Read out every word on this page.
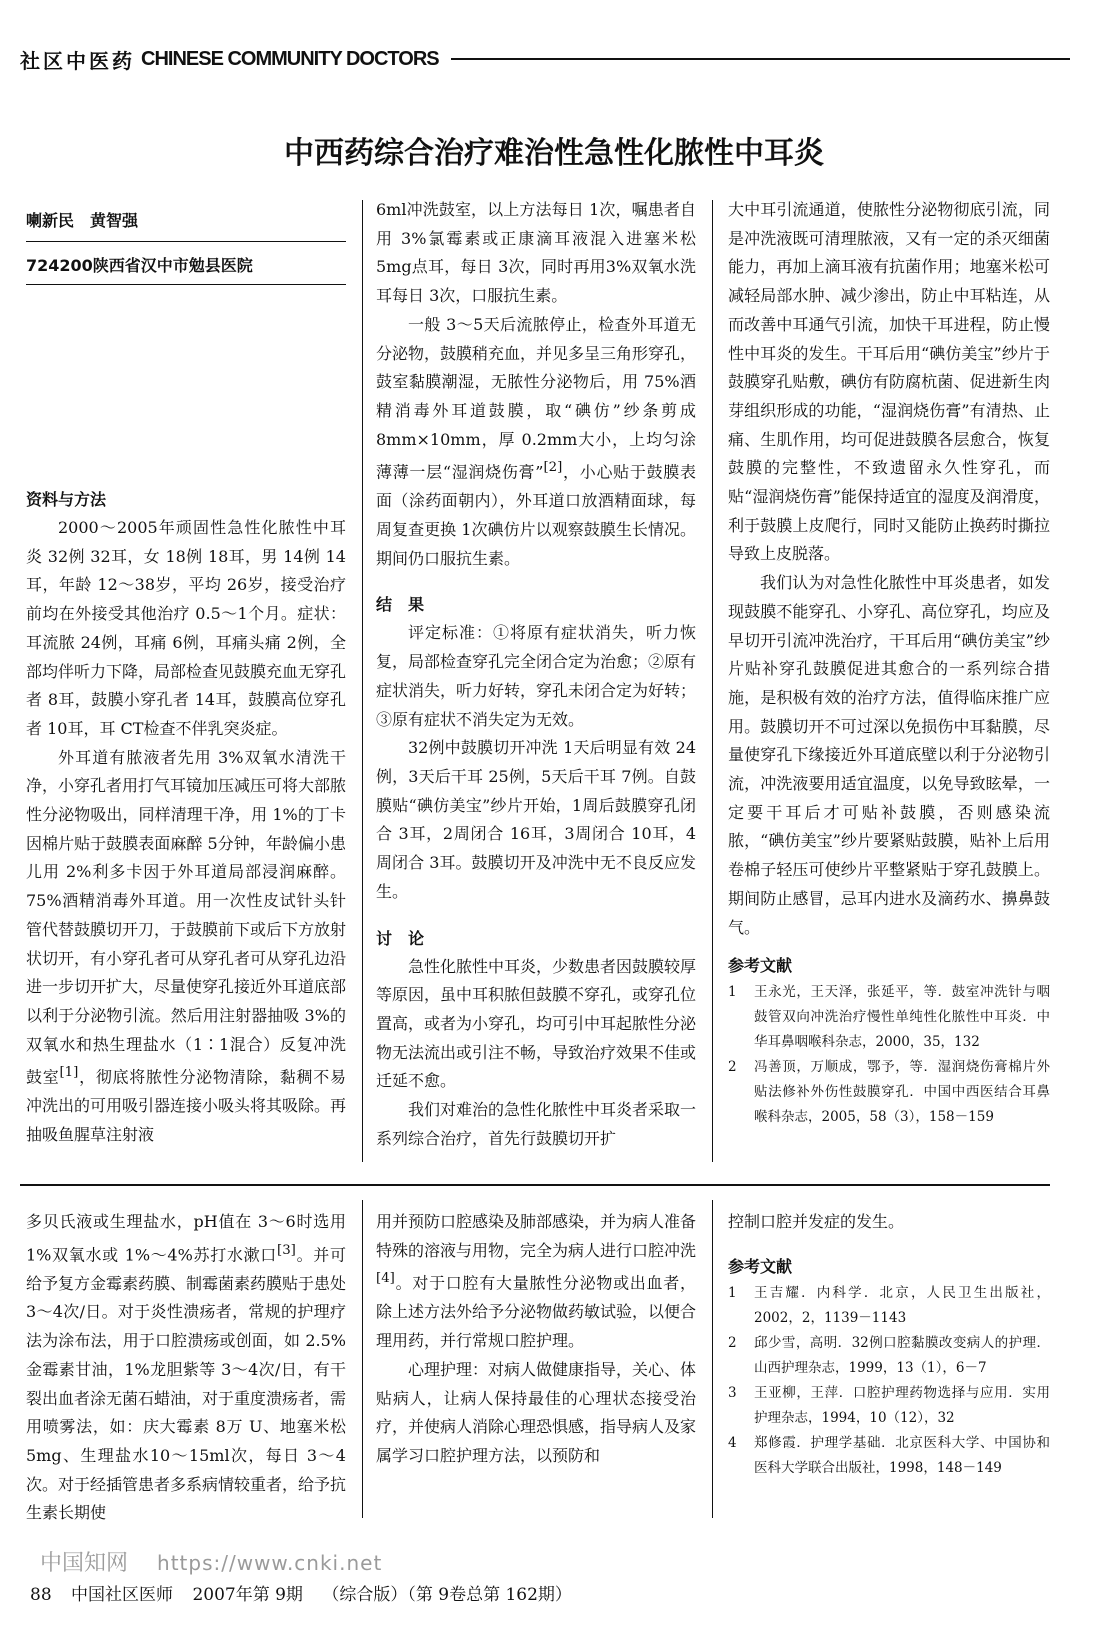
社区中医药 CHINESE COMMUNITY DOCTORS
中西药综合治疗难治性急性化脓性中耳炎
喇新民　黄智强
724200陕西省汉中市勉县医院
资料与方法

2000～2005年顽固性急性化脓性中耳炎 32例 32耳，女 18例 18耳，男 14例 14耳，年龄 12～38岁，平均 26岁，接受治疗前均在外接受其他治疗 0.5～1个月。症状：耳流脓 24例，耳痛 6例，耳痛头痛 2例，全部均伴听力下降，局部检查见鼓膜充血无穿孔者 8耳，鼓膜小穿孔者 14耳，鼓膜高位穿孔者 10耳，耳 CT检查不伴乳突炎症。

外耳道有脓液者先用 3%双氧水清洗干净，小穿孔者用打气耳镜加压减压可将大部脓性分泌物吸出，同样清理干净，用 1%的丁卡因棉片贴于鼓膜表面麻醉 5分钟，年龄偏小患儿用 2%利多卡因于外耳道局部浸润麻醉。75%酒精消毒外耳道。用一次性皮试针头针管代替鼓膜切开刀，于鼓膜前下或后下方放射状切开，有小穿孔者可从穿孔者可从穿孔边沿进一步切开扩大，尽量使穿孔接近外耳道底部以利于分泌物引流。然后用注射器抽吸 3%的双氧水和热生理盐水（1∶1混合）反复冲洗鼓室[1]，彻底将脓性分泌物清除，黏稠不易冲洗出的可用吸引器连接小吸头将其吸除。再抽吸鱼腥草注射液

6ml冲洗鼓室，以上方法每日 1次，嘱患者自用 3%氯霉素或正康滴耳液混入进塞米松 5mg点耳，每日 3次，同时再用3%双氧水洗耳每日 3次，口服抗生素。

一般 3～5天后流脓停止，检查外耳道无分泌物，鼓膜稍充血，并见多呈三角形穿孔，鼓室黏膜潮湿，无脓性分泌物后，用 75%酒精消毒外耳道鼓膜，取“碘仿”纱条剪成 8mm×10mm，厚 0.2mm大小，上均匀涂薄薄一层“湿润烧伤膏”[2]，小心贴于鼓膜表面（涂药面朝内），外耳道口放酒精面球，每周复查更换 1次碘仿片以观察鼓膜生长情况。期间仍口服抗生素。

结　果

评定标准：①将原有症状消失，听力恢复，局部检查穿孔完全闭合定为治愈；②原有症状消失，听力好转，穿孔未闭合定为好转；③原有症状不消失定为无效。

32例中鼓膜切开冲洗 1天后明显有效 24例，3天后干耳 25例，5天后干耳 7例。自鼓膜贴“碘仿美宝”纱片开始，1周后鼓膜穿孔闭合 3耳，2周闭合 16耳，3周闭合 10耳，4周闭合 3耳。鼓膜切开及冲洗中无不良反应发生。

讨　论

急性化脓性中耳炎，少数患者因鼓膜较厚等原因，虽中耳积脓但鼓膜不穿孔，或穿孔位置高，或者为小穿孔，均可引中耳起脓性分泌物无法流出或引注不畅，导致治疗效果不佳或迁延不愈。

我们对难治的急性化脓性中耳炎者采取一系列综合治疗，首先行鼓膜切开扩

大中耳引流通道，使脓性分泌物彻底引流，同是冲洗液既可清理脓液，又有一定的杀灭细菌能力，再加上滴耳液有抗菌作用；地塞米松可减轻局部水肿、减少渗出，防止中耳粘连，从而改善中耳通气引流，加快干耳进程，防止慢性中耳炎的发生。干耳后用“碘仿美宝”纱片于鼓膜穿孔贴敷，碘仿有防腐杭菌、促进新生肉芽组织形成的功能，“湿润烧伤膏”有清热、止痛、生肌作用，均可促进鼓膜各层愈合，恢复鼓膜的完整性，不致遗留永久性穿孔，而贴“湿润烧伤膏”能保持适宜的湿度及润滑度，利于鼓膜上皮爬行，同时又能防止换药时撕拉导致上皮脱落。

我们认为对急性化脓性中耳炎患者，如发现鼓膜不能穿孔、小穿孔、高位穿孔，均应及早切开引流冲洗治疗，干耳后用“碘仿美宝”纱片贴补穿孔鼓膜促进其愈合的一系列综合措施，是积极有效的治疗方法，值得临床推广应用。鼓膜切开不可过深以免损伤中耳黏膜，尽量使穿孔下缘接近外耳道底壁以利于分泌物引流，冲洗液要用适宜温度，以免导致眩晕，一定要干耳后才可贴补鼓膜，否则感染流脓，“碘仿美宝”纱片要紧贴鼓膜，贴补上后用卷棉子轻压可使纱片平整紧贴于穿孔鼓膜上。期间防止感冒，忌耳内进水及滴药水、擤鼻鼓气。

参考文献
1	王永光，王天泽，张延平，等．鼓室冲洗针与咽鼓管双向冲洗治疗慢性单纯性化脓性中耳炎．中华耳鼻咽喉科杂志，2000，35，132
2	冯善顶，万顺成，鄂予，等．湿润烧伤膏棉片外贴法修补外伤性鼓膜穿孔．中国中西医结合耳鼻喉科杂志，2005，58（3），158－159

多贝氏液或生理盐水，pH值在 3～6时选用 1%双氧水或 1%～4%苏打水漱口[3]。并可给予复方金霉素药膜、制霉菌素药膜贴于患处 3～4次/日。对于炎性溃疡者，常规的护理疗法为涂布法，用于口腔溃疡或创面，如 2.5%金霉素甘油，1%龙胆紫等 3～4次/日，有干裂出血者涂无菌石蜡油，对于重度溃疡者，需用喷雾法，如：庆大霉素 8万 U、地塞米松 5mg、生理盐水10～15ml次，每日 3～4次。对于经插管患者多系病情较重者，给予抗生素长期使

用并预防口腔感染及肺部感染，并为病人准备特殊的溶液与用物，完全为病人进行口腔冲洗[4]。对于口腔有大量脓性分泌物或出血者，除上述方法外给予分泌物做药敏试验，以便合理用药，并行常规口腔护理。

心理护理：对病人做健康指导，关心、体贴病人，让病人保持最佳的心理状态接受治疗，并使病人消除心理恐惧感，指导病人及家属学习口腔护理方法，以预防和

控制口腔并发症的发生。

参考文献
1	王吉耀．内科学．北京，人民卫生出版社，2002，2，1139－1143
2	邱少雪，高明．32例口腔黏膜改变病人的护理．山西护理杂志，1999，13（1），6－7
3	王亚柳，王萍．口腔护理药物选择与应用．实用护理杂志，1994，10（12），32
4	郑修霞．护理学基础．北京医科大学、中国协和医科大学联合出版社，1998，148－149
中国知网 https://www.cnki.net
88 中国社区医师 2007年第 9期 （综合版）（第 9卷总第 162期）
